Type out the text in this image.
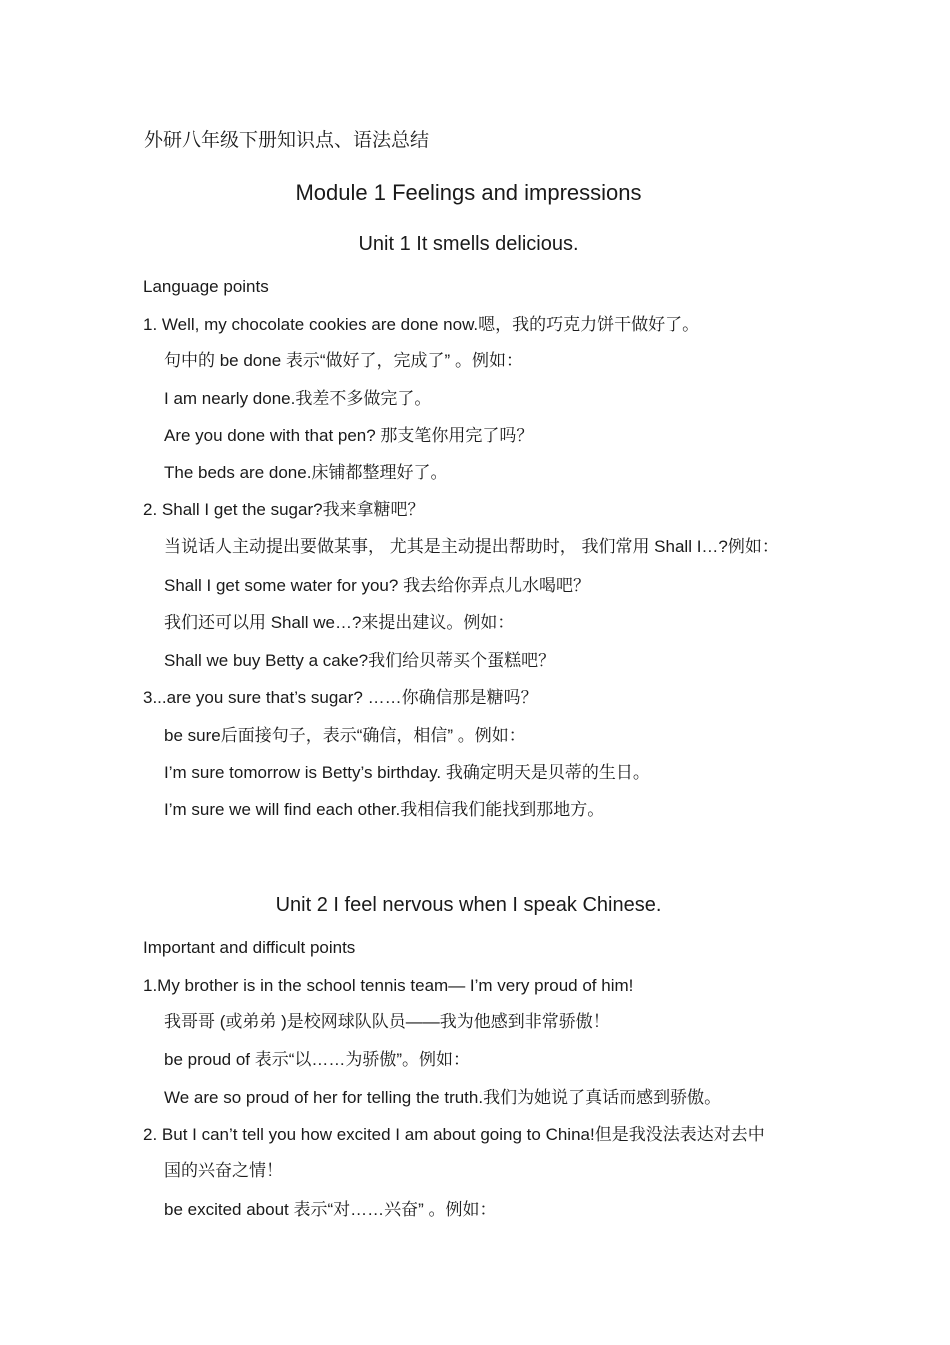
外研八年级下册知识点、语法总结
Module 1 Feelings and impressions
Unit 1 It smells delicious.
Language points
1. Well, my chocolate cookies are done now.嗯，我的巧克力饼干做好了。
句中的 be done 表示“做好了，完成了” 。例如：
I am nearly done.我差不多做完了。
Are you done with that pen? 那支笔你用完了吗？
The beds are done.床铺都整理好了。
2. Shall I get the sugar?我来拿糖吧？
当说话人主动提出要做某事， 尤其是主动提出帮助时， 我们常用 Shall I…?例如：
Shall I get some water for you? 我去给你弄点儿水喝吧？
我们还可以用 Shall we…?来提出建议。例如：
Shall we buy Betty a cake?我们给贝蒂买个蛋糕吧？
3...are you sure that’s sugar? ……你确信那是糖吗？
be sure后面接句子，表示“确信，相信” 。例如：
I’m sure tomorrow is Betty’s birthday. 我确定明天是贝蒂的生日。
I’m sure we will find each other.我相信我们能找到那地方。
Unit 2 I feel nervous when I speak Chinese.
Important and difficult points
1.My brother is in the school tennis team— I’m very proud of him!
我哥哥 (或弟弟 )是校网球队队员——我为他感到非常骄傲！
be proud of 表示“以……为骄傲”。例如：
We are so proud of her for telling the truth.我们为她说了真话而感到骄傲。
2. But I can’t tell you how excited I am about going to China!但是我没法表达对去中
国的兴奋之情！
be excited about 表示“对……兴奋” 。例如：
